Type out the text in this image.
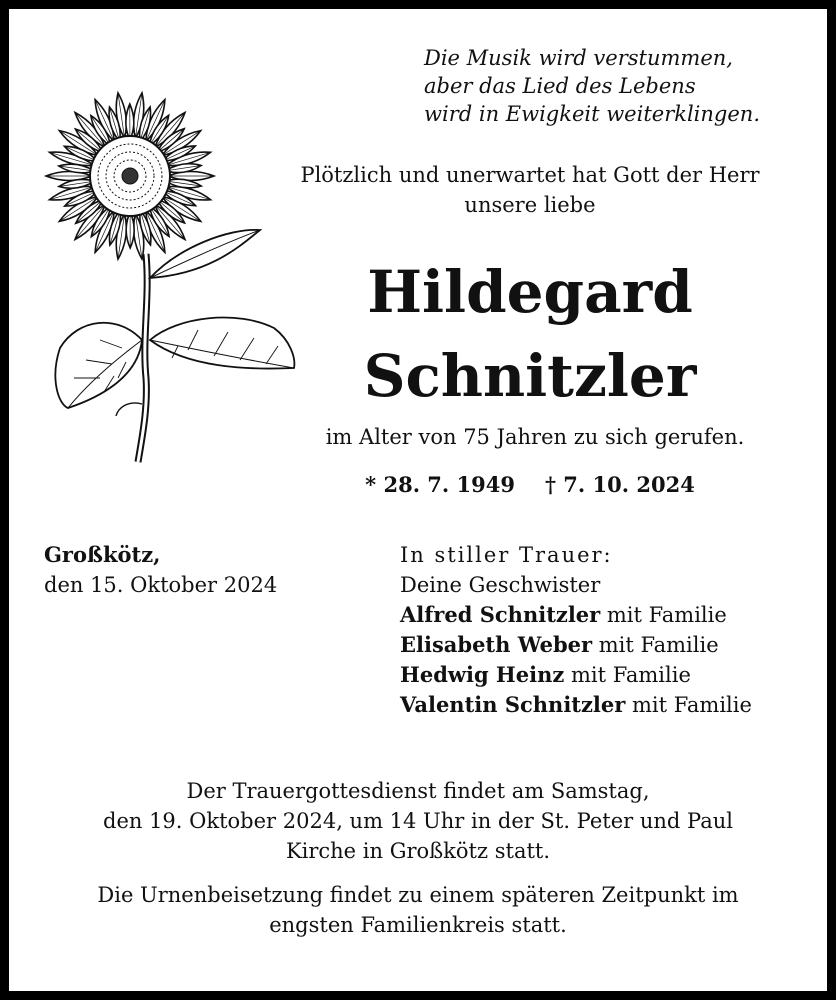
Die Musik wird verstummen,
aber das Lied des Lebens
wird in Ewigkeit weiterklingen.
Plötzlich und unerwartet hat Gott der Herr
unsere liebe
Hildegard
Schnitzler
im Alter von 75 Jahren zu sich gerufen.
* 28. 7. 1949 † 7. 10. 2024
Großkötz,
den 15. Oktober 2024
In stiller Trauer:
Deine Geschwister
Alfred Schnitzler mit Familie
Elisabeth Weber mit Familie
Hedwig Heinz mit Familie
Valentin Schnitzler mit Familie
Der Trauergottesdienst findet am Samstag,
den 19. Oktober 2024, um 14 Uhr in der St. Peter und Paul
Kirche in Großkötz statt.
Die Urnenbeisetzung findet zu einem späteren Zeitpunkt im
engsten Familienkreis statt.
